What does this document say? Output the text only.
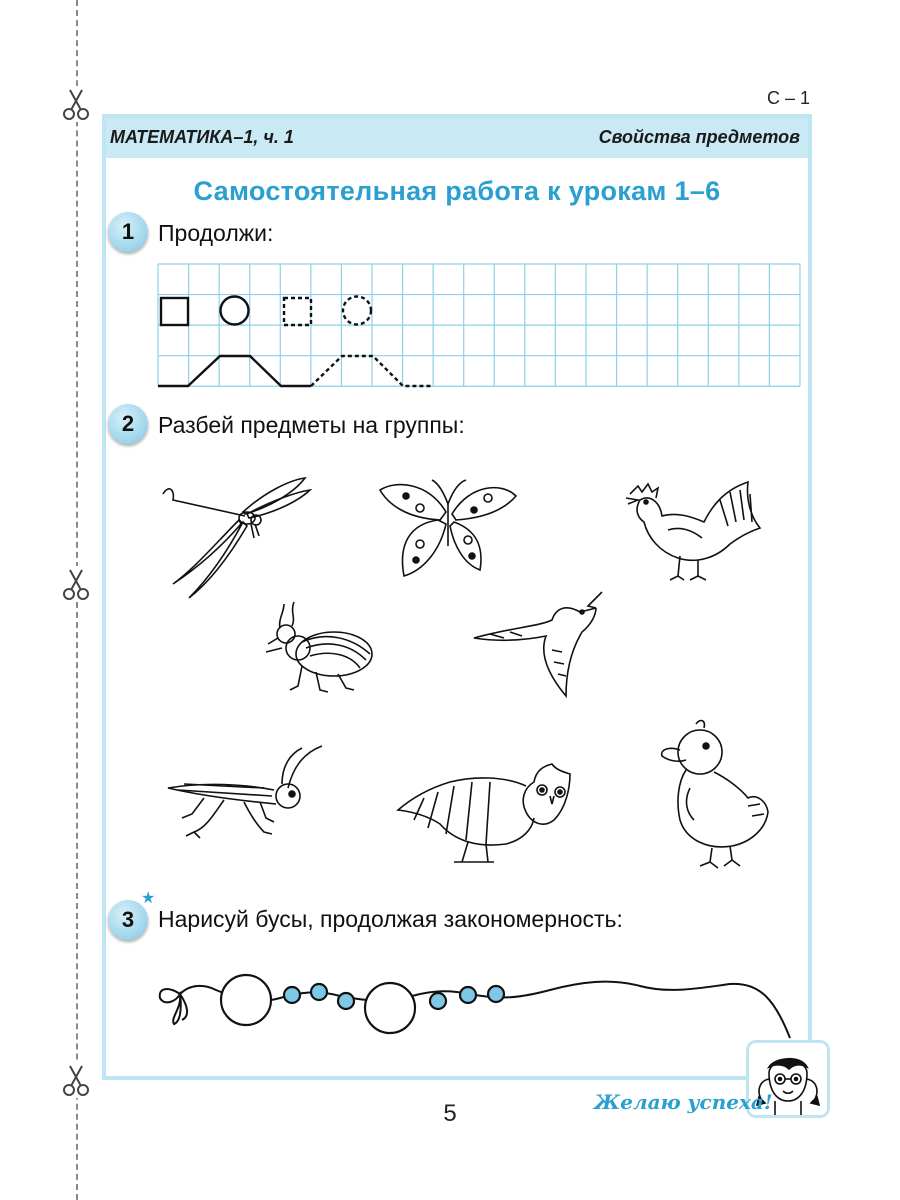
С – 1
МАТЕМАТИКА–1, ч. 1	Свойства предметов
Самостоятельная работа к урокам 1–6
1	Продолжи:
2	Разбей предметы на группы:
★
3	Нарисуй бусы, продолжая закономерность:
Желаю успеха!
5
